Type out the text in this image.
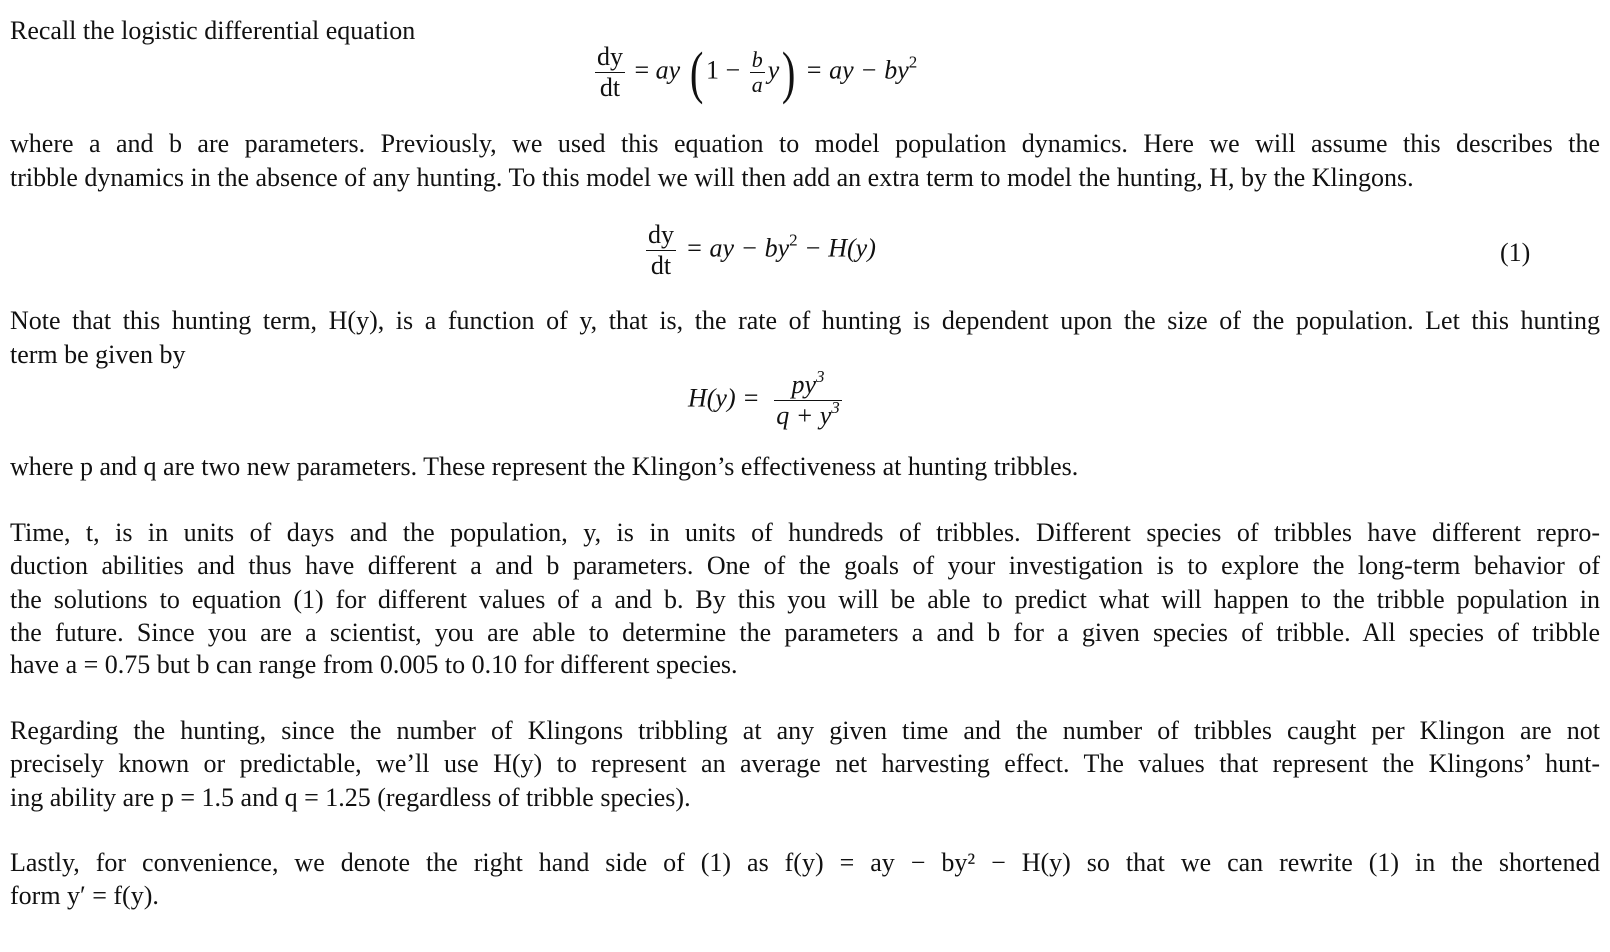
Recall the logistic differential equation
$\frac{dy}{dt}$ = ay ( $1 - \frac{b}{a} y$) = ay − $by^2$
where a and b are parameters. Previously, we used this equation to model population dynamics. Here we will assume this describes the
tribble dynamics in the absence of any hunting. To this model we will then add an extra term to model the hunting, H, by the Klingons.
$\frac{dy}{dt}$ = ay − $by^2 - H(y)$	(1)
Note that this hunting term, H(y), is a function of y, that is, the rate of hunting is dependent upon the size of the population. Let this hunting
term be given by
$H(y) = \frac{py^3}{q + y^3}$
where p and q are two new parameters. These represent the Klingon’s effectiveness at hunting tribbles.
Time, t, is in units of days and the population, y, is in units of hundreds of tribbles. Different species of tribbles have different repro-
duction abilities and thus have different a and b parameters. One of the goals of your investigation is to explore the long-term behavior of
the solutions to equation (1) for different values of a and b. By this you will be able to predict what will happen to the tribble population in
the future. Since you are a scientist, you are able to determine the parameters a and b for a given species of tribble. All species of tribble
have a = 0.75 but b can range from 0.005 to 0.10 for different species.
Regarding the hunting, since the number of Klingons tribbling at any given time and the number of tribbles caught per Klingon are not
precisely known or predictable, we’ll use H(y) to represent an average net harvesting effect. The values that represent the Klingons’ hunt-
ing ability are p = 1.5 and q = 1.25 (regardless of tribble species).
Lastly, for convenience, we denote the right hand side of (1) as f(y) = ay − by² − H(y) so that we can rewrite (1) in the shortened
form y′ = f(y).
